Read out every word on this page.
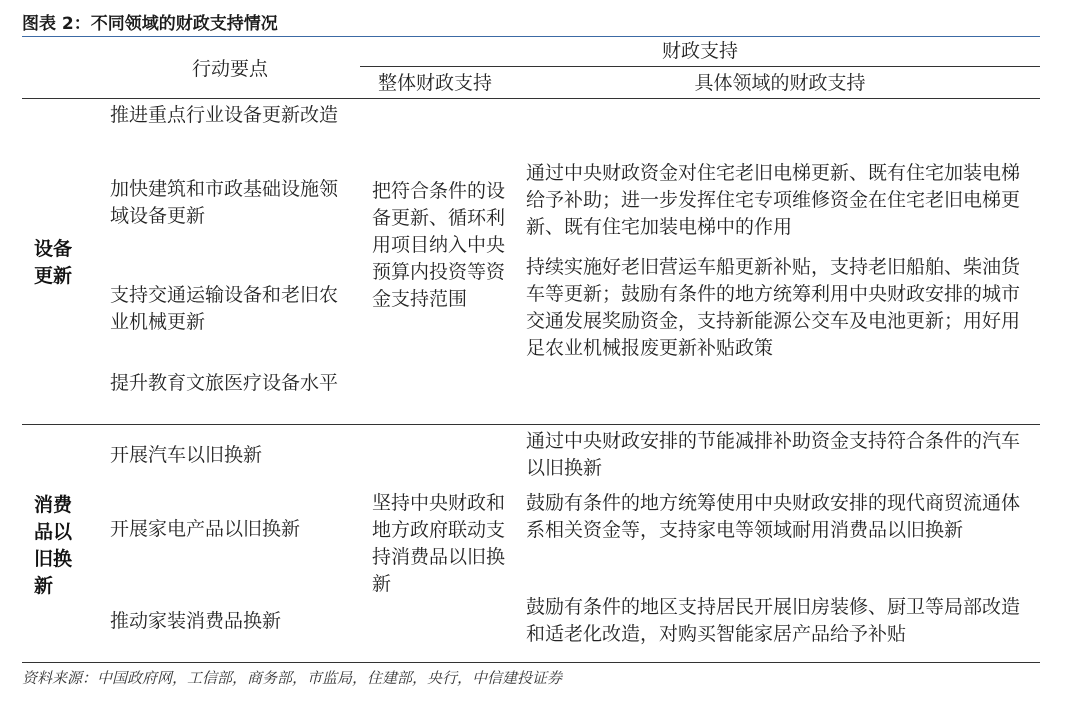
图表 2：不同领域的财政支持情况
行动要点
财政支持
整体财政支持	具体领域的财政支持
设备
更新
推进重点行业设备更新改造
加快建筑和市政基础设施领域设备更新
支持交通运输设备和老旧农业机械更新
提升教育文旅医疗设备水平
把符合条件的设备更新、循环利用项目纳入中央预算内投资等资金支持范围
通过中央财政资金对住宅老旧电梯更新、既有住宅加装电梯给予补助；进一步发挥住宅专项维修资金在住宅老旧电梯更新、既有住宅加装电梯中的作用
持续实施好老旧营运车船更新补贴，支持老旧船舶、柴油货车等更新；鼓励有条件的地方统筹利用中央财政安排的城市交通发展奖励资金，支持新能源公交车及电池更新；用好用足农业机械报废更新补贴政策
消费
品以
旧换
新
开展汽车以旧换新
开展家电产品以旧换新
推动家装消费品换新
坚持中央财政和地方政府联动支持消费品以旧换新
通过中央财政安排的节能减排补助资金支持符合条件的汽车以旧换新
鼓励有条件的地方统筹使用中央财政安排的现代商贸流通体系相关资金等，支持家电等领域耐用消费品以旧换新
鼓励有条件的地区支持居民开展旧房装修、厨卫等局部改造和适老化改造，对购买智能家居产品给予补贴
资料来源：中国政府网，工信部，商务部，市监局，住建部，央行，中信建投证券
